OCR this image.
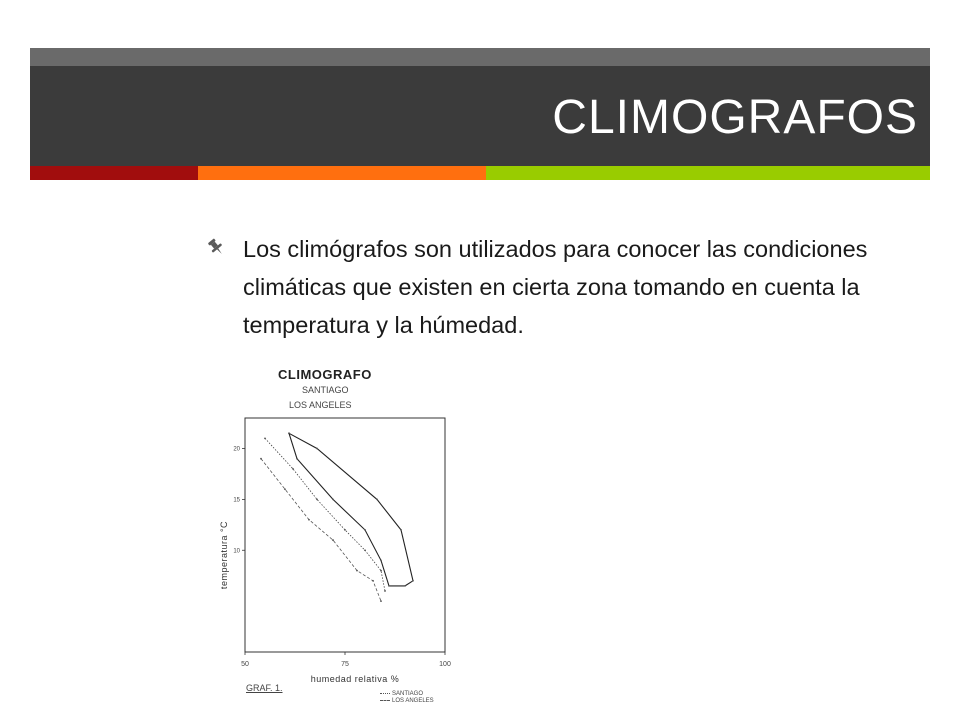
CLIMOGRAFOS
Los climógrafos son utilizados para conocer las condiciones climáticas que existen en cierta zona tomando en cuenta la temperatura y la húmedad.
50	75	100
20
15
10
humedad relativa %
temperatura °C
CLIMOGRAFO
SANTIAGO
LOS ANGELES
GRAF. 1.
SANTIAGO
LOS ANGELES
